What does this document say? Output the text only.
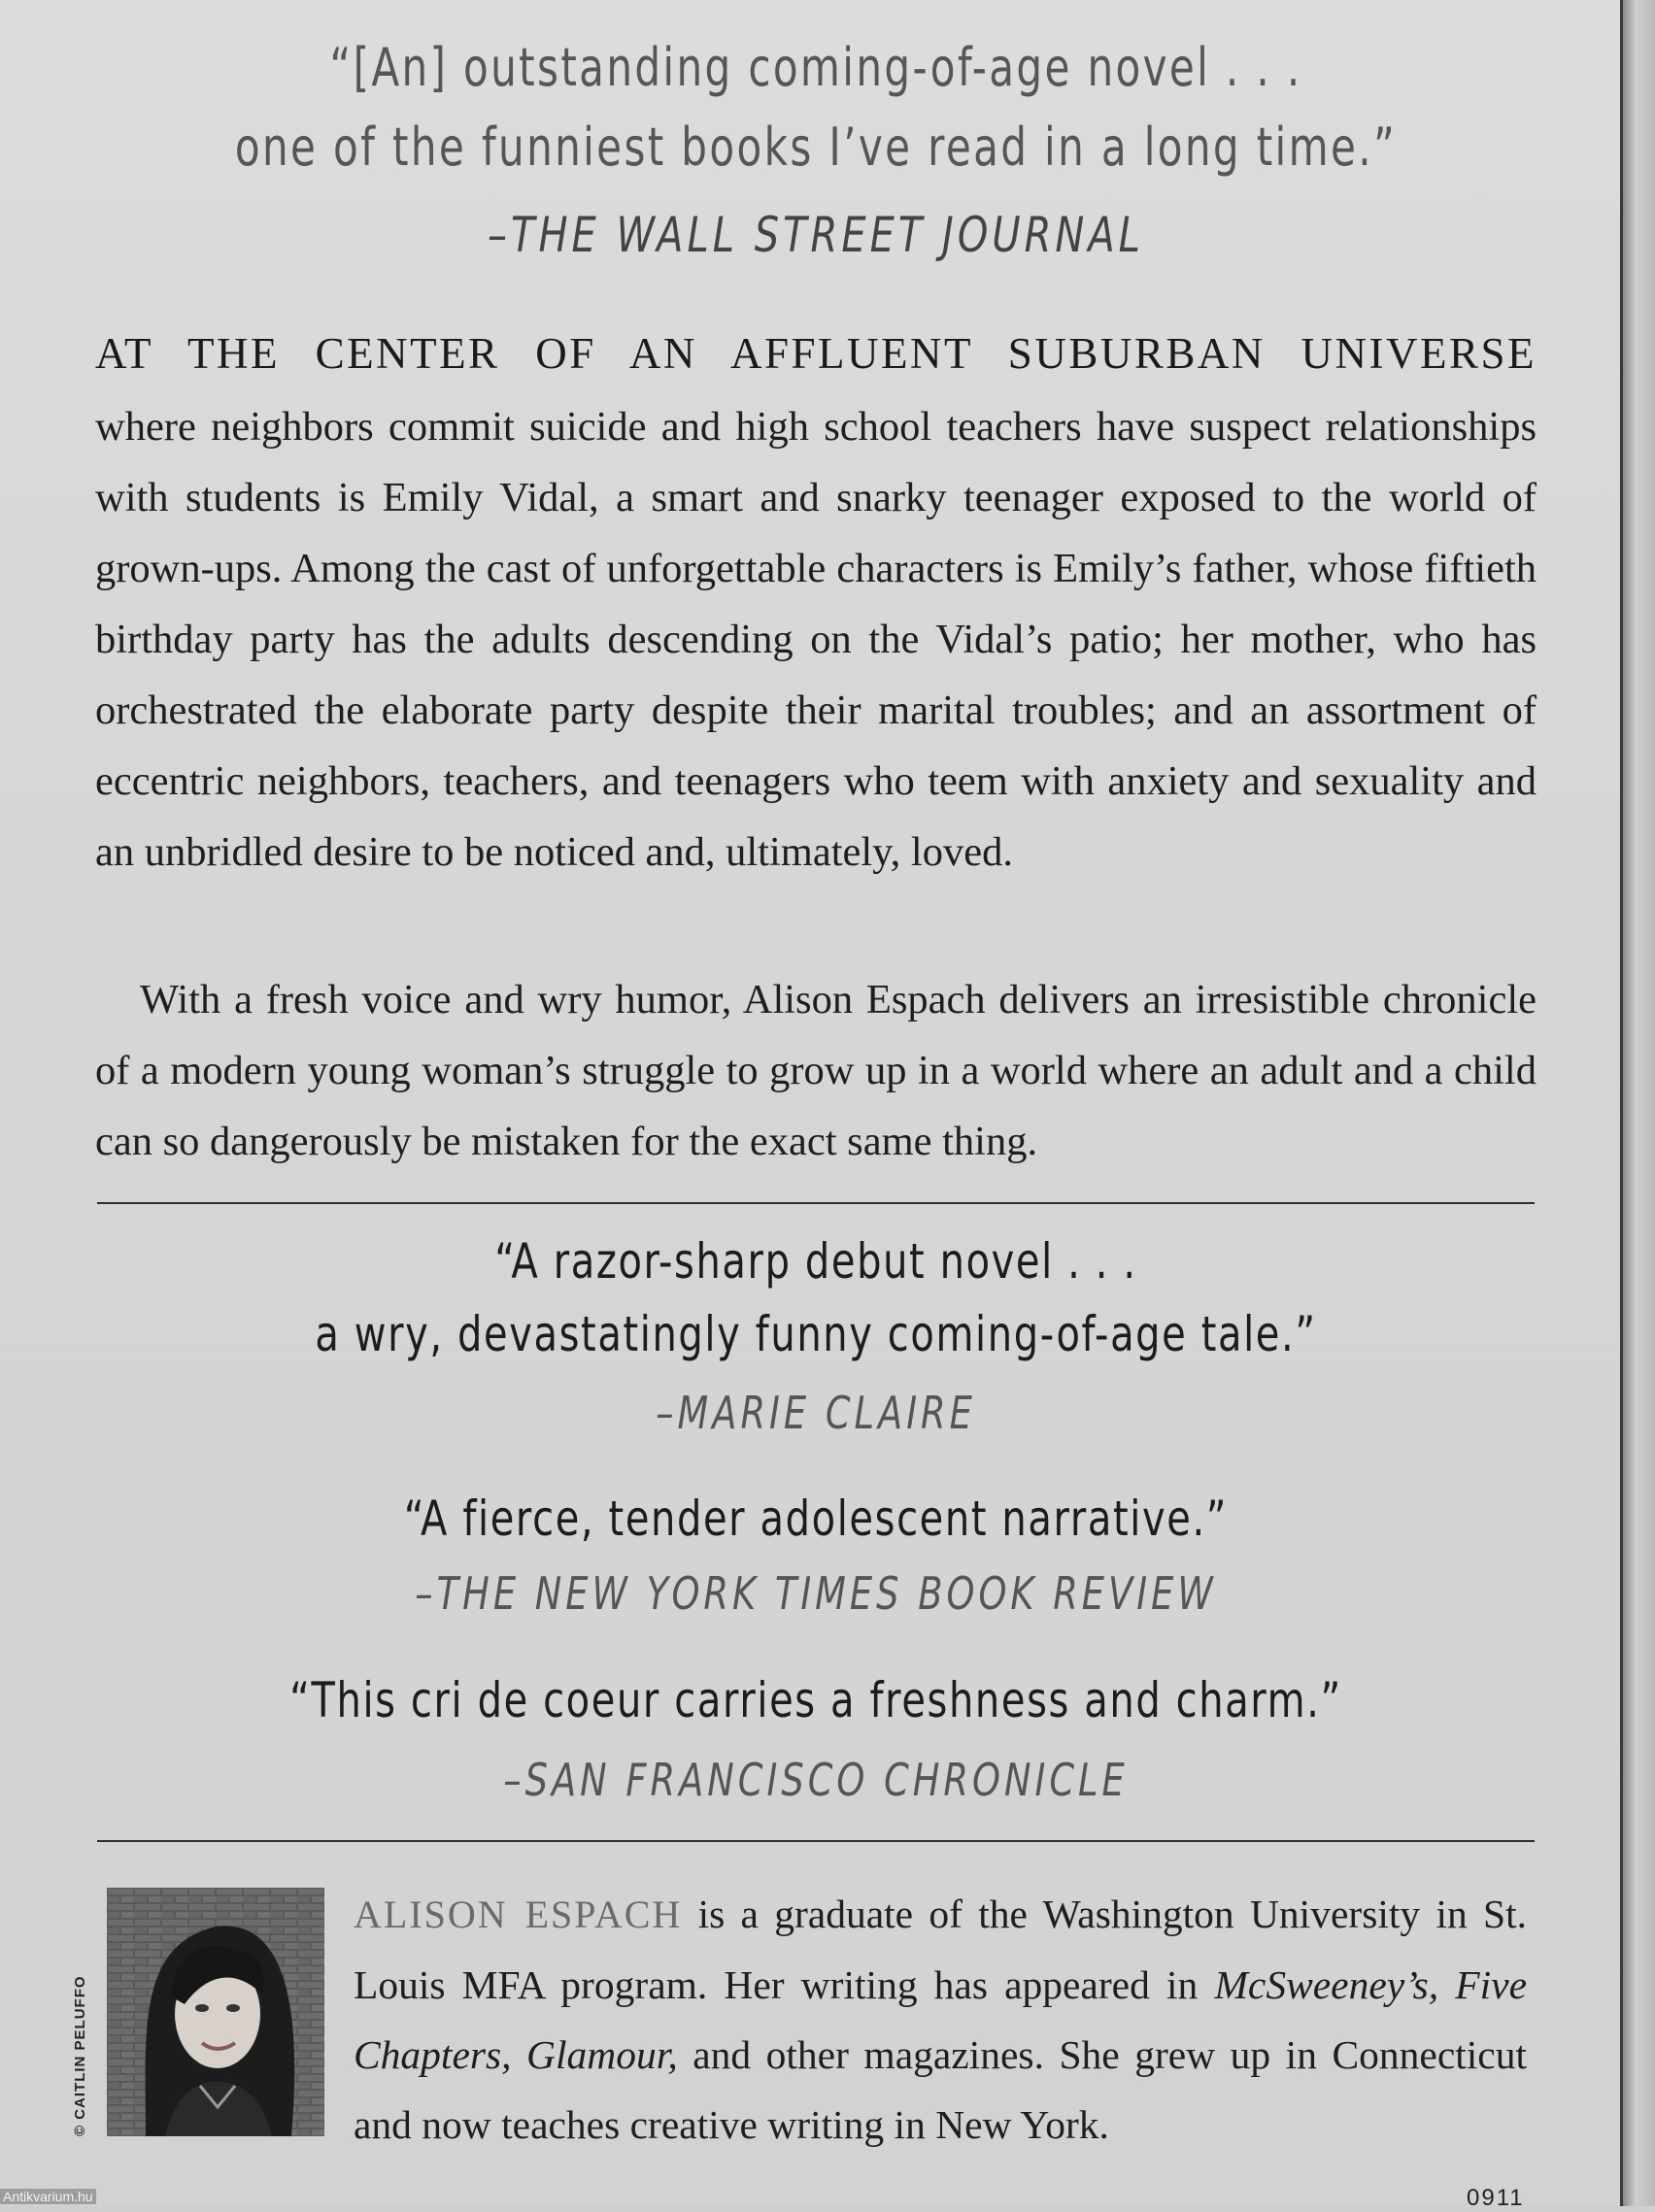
“[An] outstanding coming-of-age novel . . .
one of the funniest books I’ve read in a long time.”
–THE WALL STREET JOURNAL
AT THE CENTER OF AN AFFLUENT SUBURBAN UNIVERSE
where neighbors commit suicide and high school teachers have suspect relationships with students is Emily Vidal, a smart and snarky teenager exposed to the world of grown-ups. Among the cast of unforgettable characters is Emily’s father, whose fiftieth birthday party has the adults descending on the Vidal’s patio; her mother, who has orchestrated the elaborate party despite their marital troubles; and an assortment of eccentric neighbors, teachers, and teenagers who teem with anxiety and sexuality and an unbridled desire to be noticed and, ultimately, loved.
With a fresh voice and wry humor, Alison Espach delivers an irresistible chronicle of a modern young woman’s struggle to grow up in a world where an adult and a child can so dangerously be mistaken for the exact same thing.
“A razor-sharp debut novel . . .
a wry, devastatingly funny coming-of-age tale.”
–MARIE CLAIRE
“A fierce, tender adolescent narrative.”
–THE NEW YORK TIMES BOOK REVIEW
“This cri de coeur carries a freshness and charm.”
–SAN FRANCISCO CHRONICLE
© CAITLIN PELUFFO
ALISON ESPACH is a graduate of the Washington University in St. Louis MFA program. Her writing has appeared in McSweeney’s, Five Chapters, Glamour, and other magazines. She grew up in Connecticut and now teaches creative writing in New York.
0911
Antikvarium.hu
